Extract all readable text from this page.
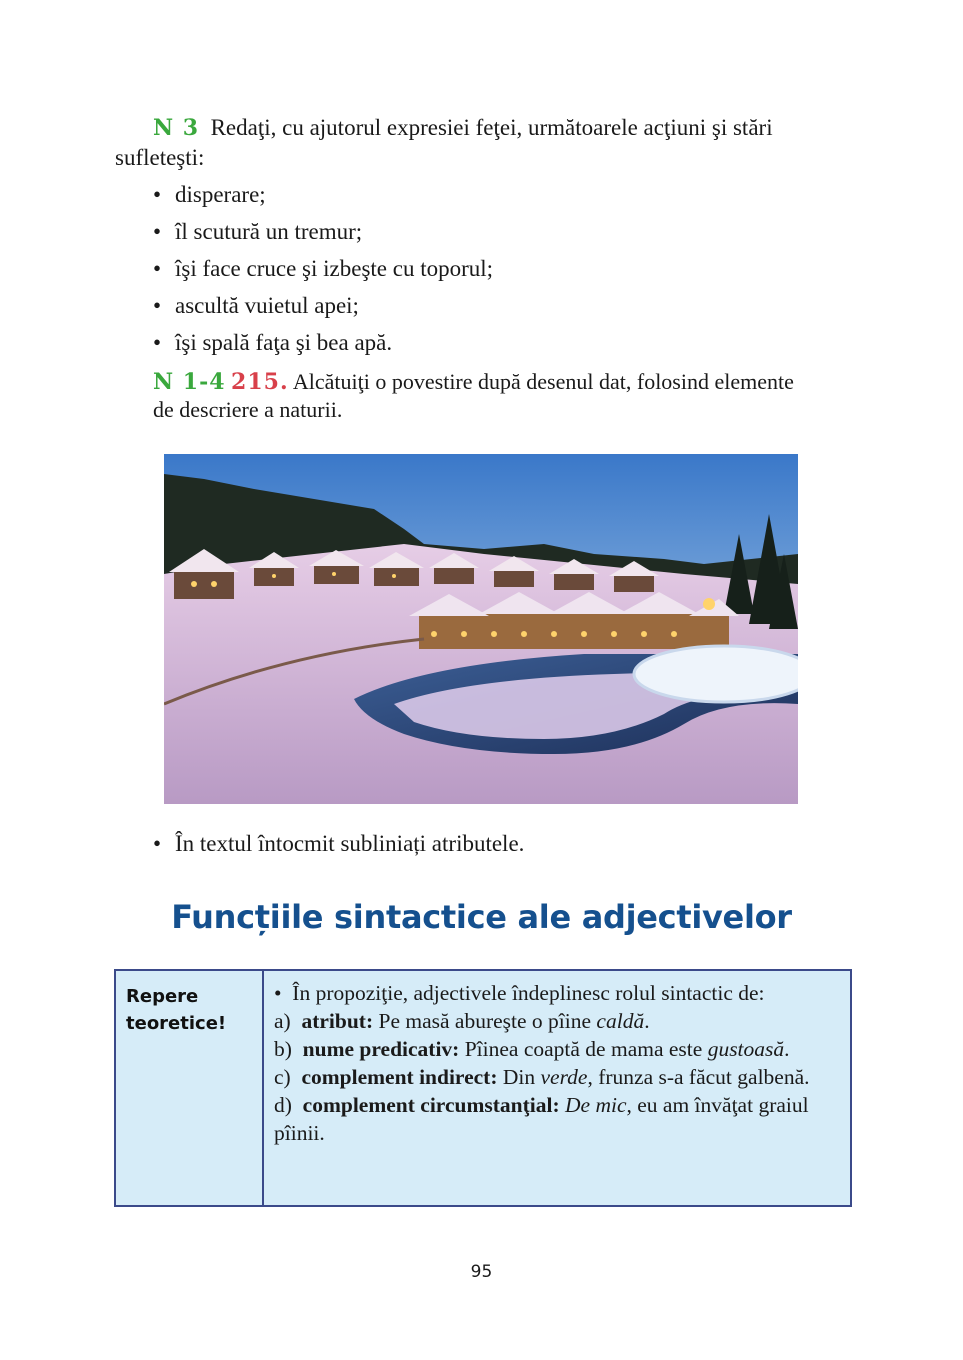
N 3 Redaţi, cu ajutorul expresiei feţei, următoarele acţiuni şi stări sufleteşti:
• disperare;
• îl scutură un tremur;
• îşi face cruce şi izbeşte cu toporul;
• ascultă vuietul apei;
• îşi spală faţa şi bea apă.
N 1-4 215. Alcătuiţi o povestire după desenul dat, folosind elemente
de descriere a naturii.
• În textul întocmit subliniați atributele.
Funcțiile sintactice ale adjectivelor
Repere
teoretice!

•  În propoziţie, adjectivele îndeplinesc rolul sintactic de:

a) atribut: Pe masă abureşte o pîine caldă.

b) nume predicativ: Pîinea coaptă de mama este gustoasă.

c) complement indirect: Din verde, frunza s-a făcut galbenă.

d) complement circumstanţial: De mic, eu am învăţat graiul pîinii.

95
